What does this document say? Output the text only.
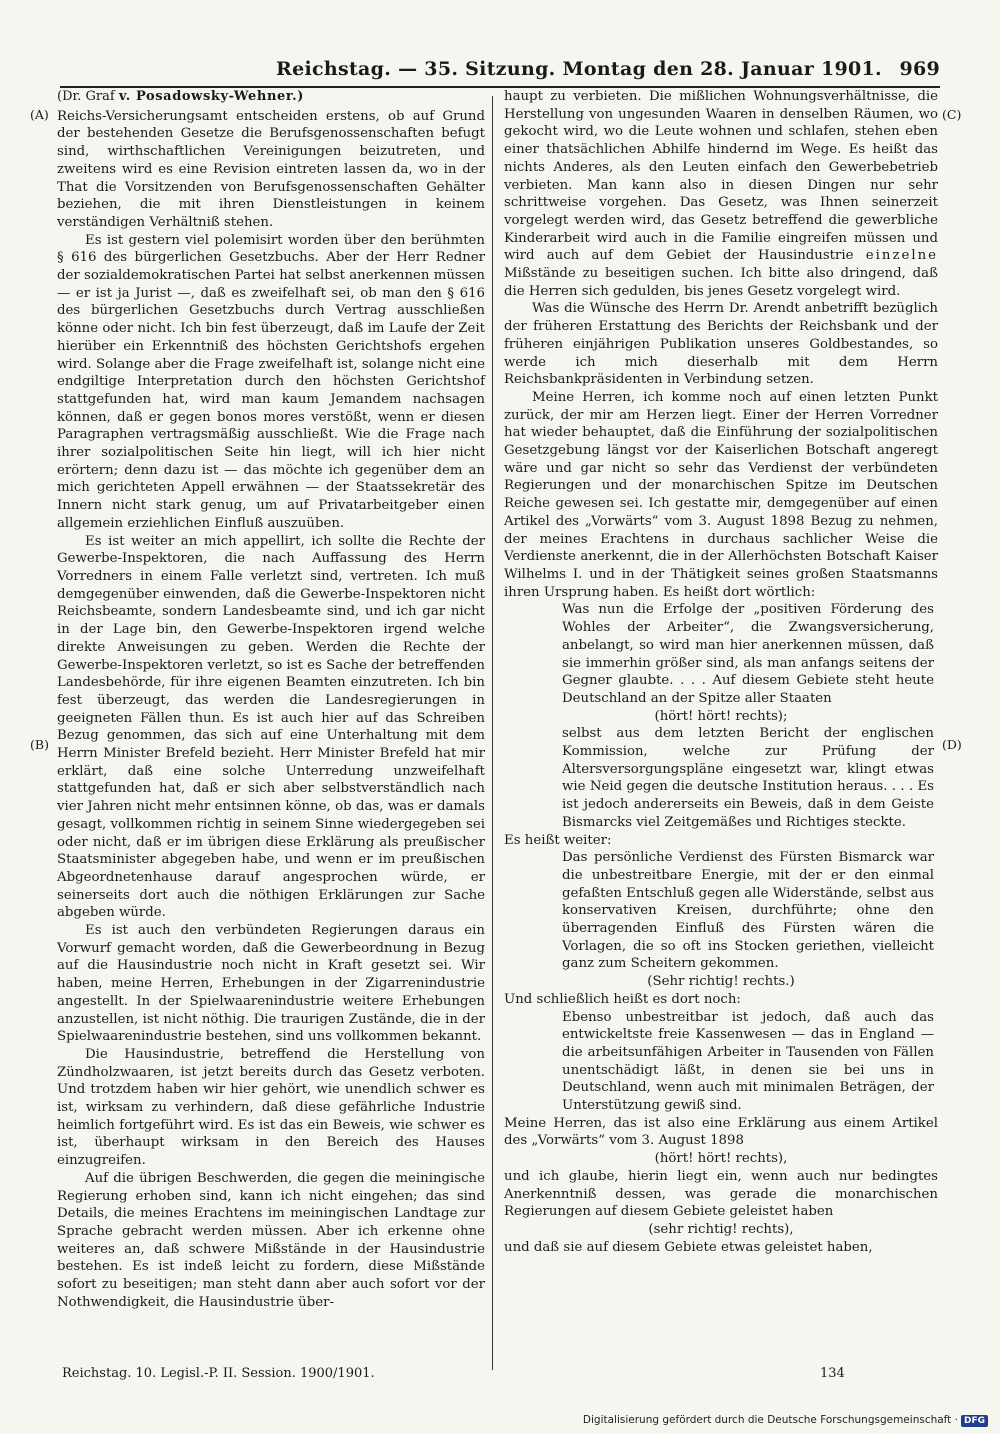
Reichstag. — 35. Sitzung. Montag den 28. Januar 1901. 969
(A)
(B)
(C)
(D)

(Dr. Graf v. Posadowsky-Wehner.)

Reichs-Versicherungsamt entscheiden erstens, ob auf Grund der bestehenden Gesetze die Berufsgenossenschaften befugt sind, wirthschaftlichen Vereinigungen beizutreten, und zweitens wird es eine Revision eintreten lassen da, wo in der That die Vorsitzenden von Berufsgenossenschaften Gehälter beziehen, die mit ihren Dienstleistungen in keinem verständigen Verhältniß stehen.

Es ist gestern viel polemisirt worden über den berühmten § 616 des bürgerlichen Gesetzbuchs. Aber der Herr Redner der sozialdemokratischen Partei hat selbst anerkennen müssen — er ist ja Jurist —, daß es zweifelhaft sei, ob man den § 616 des bürgerlichen Gesetzbuchs durch Vertrag ausschließen könne oder nicht. Ich bin fest überzeugt, daß im Laufe der Zeit hierüber ein Erkenntniß des höchsten Gerichtshofs ergehen wird. Solange aber die Frage zweifelhaft ist, solange nicht eine endgiltige Interpretation durch den höchsten Gerichtshof stattgefunden hat, wird man kaum Jemandem nachsagen können, daß er gegen bonos mores verstößt, wenn er diesen Paragraphen vertragsmäßig ausschließt. Wie die Frage nach ihrer sozialpolitischen Seite hin liegt, will ich hier nicht erörtern; denn dazu ist — das möchte ich gegenüber dem an mich gerichteten Appell erwähnen — der Staatssekretär des Innern nicht stark genug, um auf Privatarbeitgeber einen allgemein erziehlichen Einfluß auszuüben.

Es ist weiter an mich appellirt, ich sollte die Rechte der Gewerbe-Inspektoren, die nach Auffassung des Herrn Vorredners in einem Falle verletzt sind, vertreten. Ich muß demgegenüber einwenden, daß die Gewerbe-Inspektoren nicht Reichsbeamte, sondern Landesbeamte sind, und ich gar nicht in der Lage bin, den Gewerbe-Inspektoren irgend welche direkte Anweisungen zu geben. Werden die Rechte der Gewerbe-Inspektoren verletzt, so ist es Sache der betreffenden Landesbehörde, für ihre eigenen Beamten einzutreten. Ich bin fest überzeugt, das werden die Landesregierungen in geeigneten Fällen thun. Es ist auch hier auf das Schreiben Bezug genommen, das sich auf eine Unterhaltung mit dem Herrn Minister Brefeld bezieht. Herr Minister Brefeld hat mir erklärt, daß eine solche Unterredung unzweifelhaft stattgefunden hat, daß er sich aber selbstverständlich nach vier Jahren nicht mehr entsinnen könne, ob das, was er damals gesagt, vollkommen richtig in seinem Sinne wiedergegeben sei oder nicht, daß er im übrigen diese Erklärung als preußischer Staatsminister abgegeben habe, und wenn er im preußischen Abgeordnetenhause darauf angesprochen würde, er seinerseits dort auch die nöthigen Erklärungen zur Sache abgeben würde.

Es ist auch den verbündeten Regierungen daraus ein Vorwurf gemacht worden, daß die Gewerbeordnung in Bezug auf die Hausindustrie noch nicht in Kraft gesetzt sei. Wir haben, meine Herren, Erhebungen in der Zigarrenindustrie angestellt. In der Spielwaarenindustrie weitere Erhebungen anzustellen, ist nicht nöthig. Die traurigen Zustände, die in der Spielwaarenindustrie bestehen, sind uns vollkommen bekannt.

Die Hausindustrie, betreffend die Herstellung von Zündholzwaaren, ist jetzt bereits durch das Gesetz verboten. Und trotzdem haben wir hier gehört, wie unendlich schwer es ist, wirksam zu verhindern, daß diese gefährliche Industrie heimlich fortgeführt wird. Es ist das ein Beweis, wie schwer es ist, überhaupt wirksam in den Bereich des Hauses einzugreifen.

Auf die übrigen Beschwerden, die gegen die meiningische Regierung erhoben sind, kann ich nicht eingehen; das sind Details, die meines Erachtens im meiningischen Landtage zur Sprache gebracht werden müssen. Aber ich erkenne ohne weiteres an, daß schwere Mißstände in der Hausindustrie bestehen. Es ist indeß leicht zu fordern, diese Mißstände sofort zu beseitigen; man steht dann aber auch sofort vor der Nothwendigkeit, die Hausindustrie über-

haupt zu verbieten. Die mißlichen Wohnungsverhältnisse, die Herstellung von ungesunden Waaren in denselben Räumen, wo gekocht wird, wo die Leute wohnen und schlafen, stehen eben einer thatsächlichen Abhilfe hindernd im Wege. Es heißt das nichts Anderes, als den Leuten einfach den Gewerbebetrieb verbieten. Man kann also in diesen Dingen nur sehr schrittweise vorgehen. Das Gesetz, was Ihnen seinerzeit vorgelegt werden wird, das Gesetz betreffend die gewerbliche Kinderarbeit wird auch in die Familie eingreifen müssen und wird auch auf dem Gebiet der Hausindustrie einzelne Mißstände zu beseitigen suchen. Ich bitte also dringend, daß die Herren sich gedulden, bis jenes Gesetz vorgelegt wird.

Was die Wünsche des Herrn Dr. Arendt anbetrifft bezüglich der früheren Erstattung des Berichts der Reichsbank und der früheren einjährigen Publikation unseres Goldbestandes, so werde ich mich dieserhalb mit dem Herrn Reichsbankpräsidenten in Verbindung setzen.

Meine Herren, ich komme noch auf einen letzten Punkt zurück, der mir am Herzen liegt. Einer der Herren Vorredner hat wieder behauptet, daß die Einführung der sozialpolitischen Gesetzgebung längst vor der Kaiserlichen Botschaft angeregt wäre und gar nicht so sehr das Verdienst der verbündeten Regierungen und der monarchischen Spitze im Deutschen Reiche gewesen sei. Ich gestatte mir, demgegenüber auf einen Artikel des „Vorwärts“ vom 3. August 1898 Bezug zu nehmen, der meines Erachtens in durchaus sachlicher Weise die Verdienste anerkennt, die in der Allerhöchsten Botschaft Kaiser Wilhelms I. und in der Thätigkeit seines großen Staatsmanns ihren Ursprung haben. Es heißt dort wörtlich:

Was nun die Erfolge der „positiven Förderung des Wohles der Arbeiter“, die Zwangsversicherung, anbelangt, so wird man hier anerkennen müssen, daß sie immerhin größer sind, als man anfangs seitens der Gegner glaubte. . . . Auf diesem Gebiete steht heute Deutschland an der Spitze aller Staaten

(hört! hört! rechts);

selbst aus dem letzten Bericht der englischen Kommission, welche zur Prüfung der Altersversorgungspläne eingesetzt war, klingt etwas wie Neid gegen die deutsche Institution heraus. . . . Es ist jedoch andererseits ein Beweis, daß in dem Geiste Bismarcks viel Zeitgemäßes und Richtiges steckte.

Es heißt weiter:

Das persönliche Verdienst des Fürsten Bismarck war die unbestreitbare Energie, mit der er den einmal gefaßten Entschluß gegen alle Widerstände, selbst aus konservativen Kreisen, durchführte; ohne den überragenden Einfluß des Fürsten wären die Vorlagen, die so oft ins Stocken geriethen, vielleicht ganz zum Scheitern gekommen.

(Sehr richtig! rechts.)

Und schließlich heißt es dort noch:

Ebenso unbestreitbar ist jedoch, daß auch das entwickeltste freie Kassenwesen — das in England — die arbeitsunfähigen Arbeiter in Tausenden von Fällen unentschädigt läßt, in denen sie bei uns in Deutschland, wenn auch mit minimalen Beträgen, der Unterstützung gewiß sind.

Meine Herren, das ist also eine Erklärung aus einem Artikel des „Vorwärts“ vom 3. August 1898

(hört! hört! rechts),

und ich glaube, hierin liegt ein, wenn auch nur bedingtes Anerkenntniß dessen, was gerade die monarchischen Regierungen auf diesem Gebiete geleistet haben

(sehr richtig! rechts),

und daß sie auf diesem Gebiete etwas geleistet haben,

Reichstag. 10. Legisl.-P. II. Session. 1900/1901.	134
Digitalisierung gefördert durch die Deutsche Forschungsgemeinschaft · DFG
